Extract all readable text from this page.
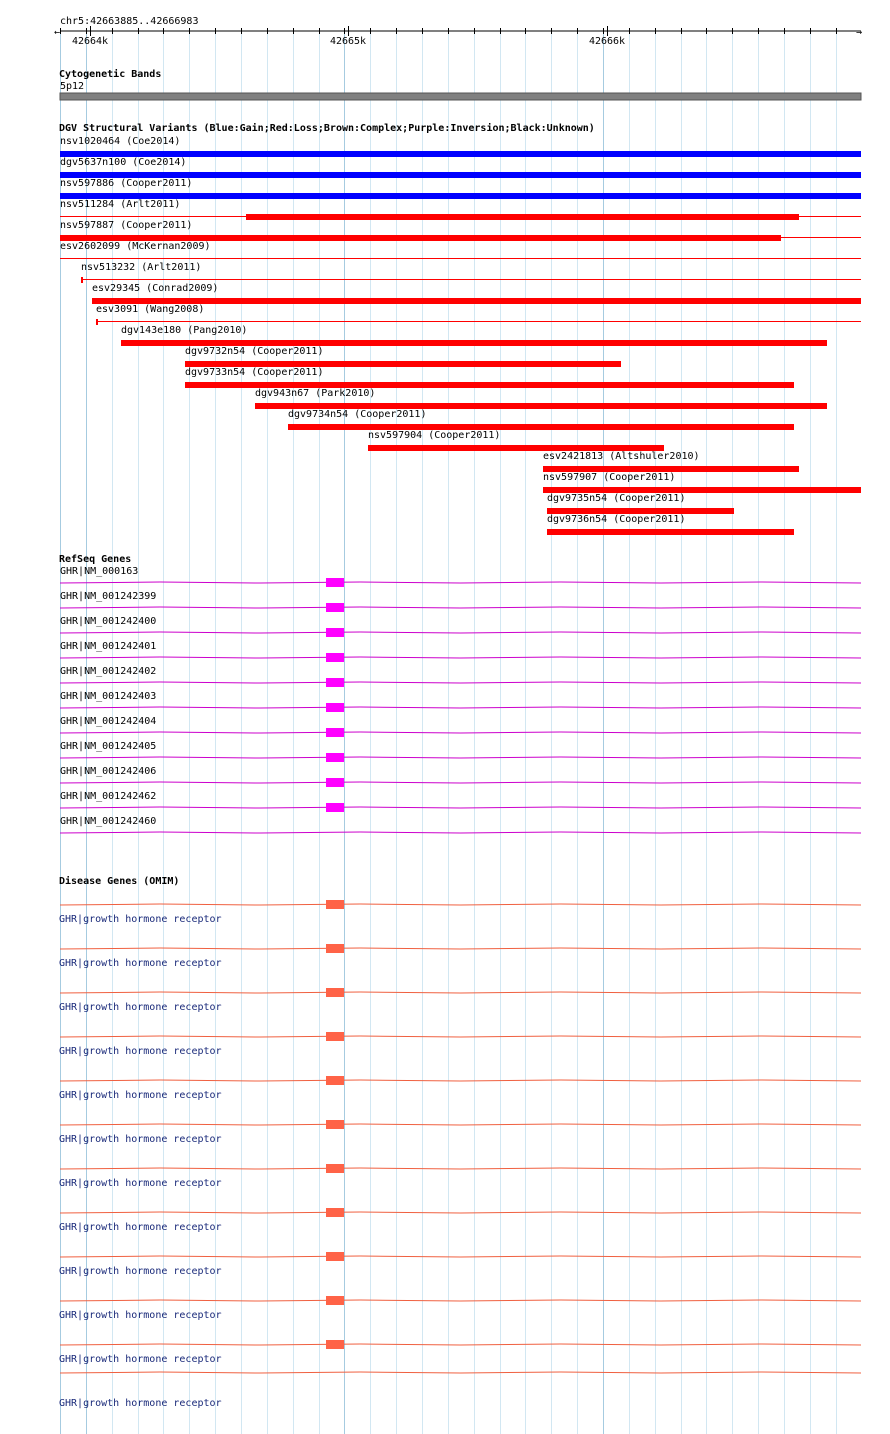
chr5:42663885..42666983
42664k	42665k	42666k
←	→
Cytogenetic Bands
5p12
DGV Structural Variants (Blue:Gain;Red:Loss;Brown:Complex;Purple:Inversion;Black:Unknown)
nsv1020464 (Coe2014)
dgv5637n100 (Coe2014)
nsv597886 (Cooper2011)
nsv511284 (Arlt2011)
nsv597887 (Cooper2011)
esv2602099 (McKernan2009)
nsv513232 (Arlt2011)
esv29345 (Conrad2009)
esv3091 (Wang2008)
dgv143e180 (Pang2010)
dgv9732n54 (Cooper2011)
dgv9733n54 (Cooper2011)
dgv943n67 (Park2010)
dgv9734n54 (Cooper2011)
nsv597904 (Cooper2011)
esv2421813 (Altshuler2010)
nsv597907 (Cooper2011)
dgv9735n54 (Cooper2011)
dgv9736n54 (Cooper2011)
RefSeq Genes
GHR|NM_000163
GHR|NM_001242399
GHR|NM_001242400
GHR|NM_001242401
GHR|NM_001242402
GHR|NM_001242403
GHR|NM_001242404
GHR|NM_001242405
GHR|NM_001242406
GHR|NM_001242462
GHR|NM_001242460
Disease Genes (OMIM)
GHR|growth hormone receptor
GHR|growth hormone receptor
GHR|growth hormone receptor
GHR|growth hormone receptor
GHR|growth hormone receptor
GHR|growth hormone receptor
GHR|growth hormone receptor
GHR|growth hormone receptor
GHR|growth hormone receptor
GHR|growth hormone receptor
GHR|growth hormone receptor
GHR|growth hormone receptor
